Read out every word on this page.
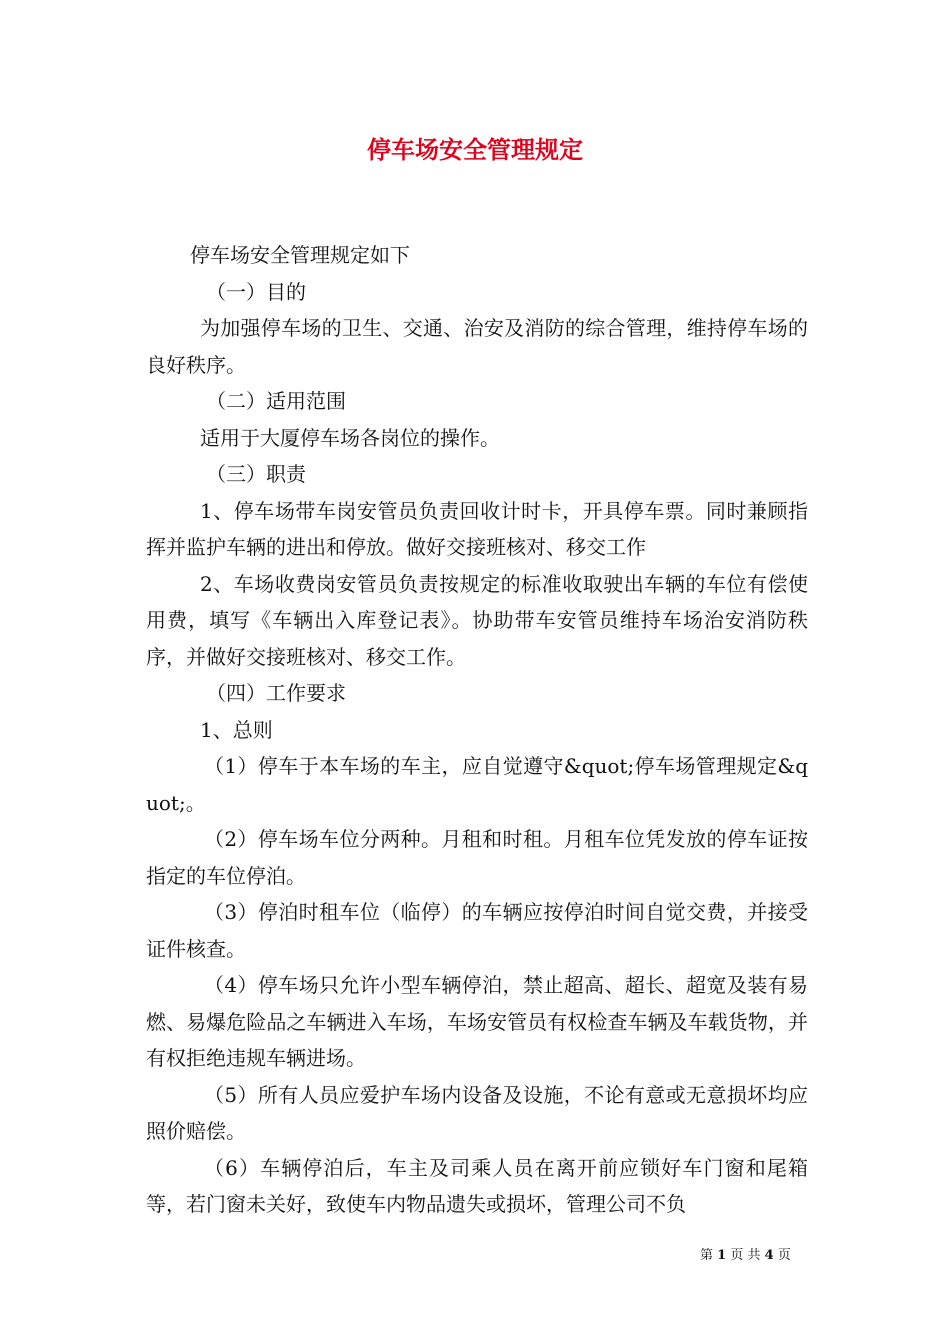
停车场安全管理规定

停车场安全管理规定如下

（一）目的

为加强停车场的卫生、交通、治安及消防的综合管理，维持停车场的良好秩序。

（二）适用范围

适用于大厦停车场各岗位的操作。

（三）职责

1、停车场带车岗安管员负责回收计时卡，开具停车票。同时兼顾指挥并监护车辆的进出和停放。做好交接班核对、移交工作

2、车场收费岗安管员负责按规定的标准收取驶出车辆的车位有偿使用费，填写《车辆出入库登记表》。协助带车安管员维持车场治安消防秩序，并做好交接班核对、移交工作。

（四）工作要求

1、总则

（1）停车于本车场的车主，应自觉遵守&quot;停车场管理规定&quot;。

（2）停车场车位分两种。月租和时租。月租车位凭发放的停车证按指定的车位停泊。

（3）停泊时租车位（临停）的车辆应按停泊时间自觉交费，并接受证件核查。

（4）停车场只允许小型车辆停泊，禁止超高、超长、超宽及装有易燃、易爆危险品之车辆进入车场，车场安管员有权检查车辆及车载货物，并有权拒绝违规车辆进场。

（5）所有人员应爱护车场内设备及设施，不论有意或无意损坏均应照价赔偿。

（6）车辆停泊后，车主及司乘人员在离开前应锁好车门窗和尾箱等，若门窗未关好，致使车内物品遗失或损坏，管理公司不负

第 1 页 共 4 页
